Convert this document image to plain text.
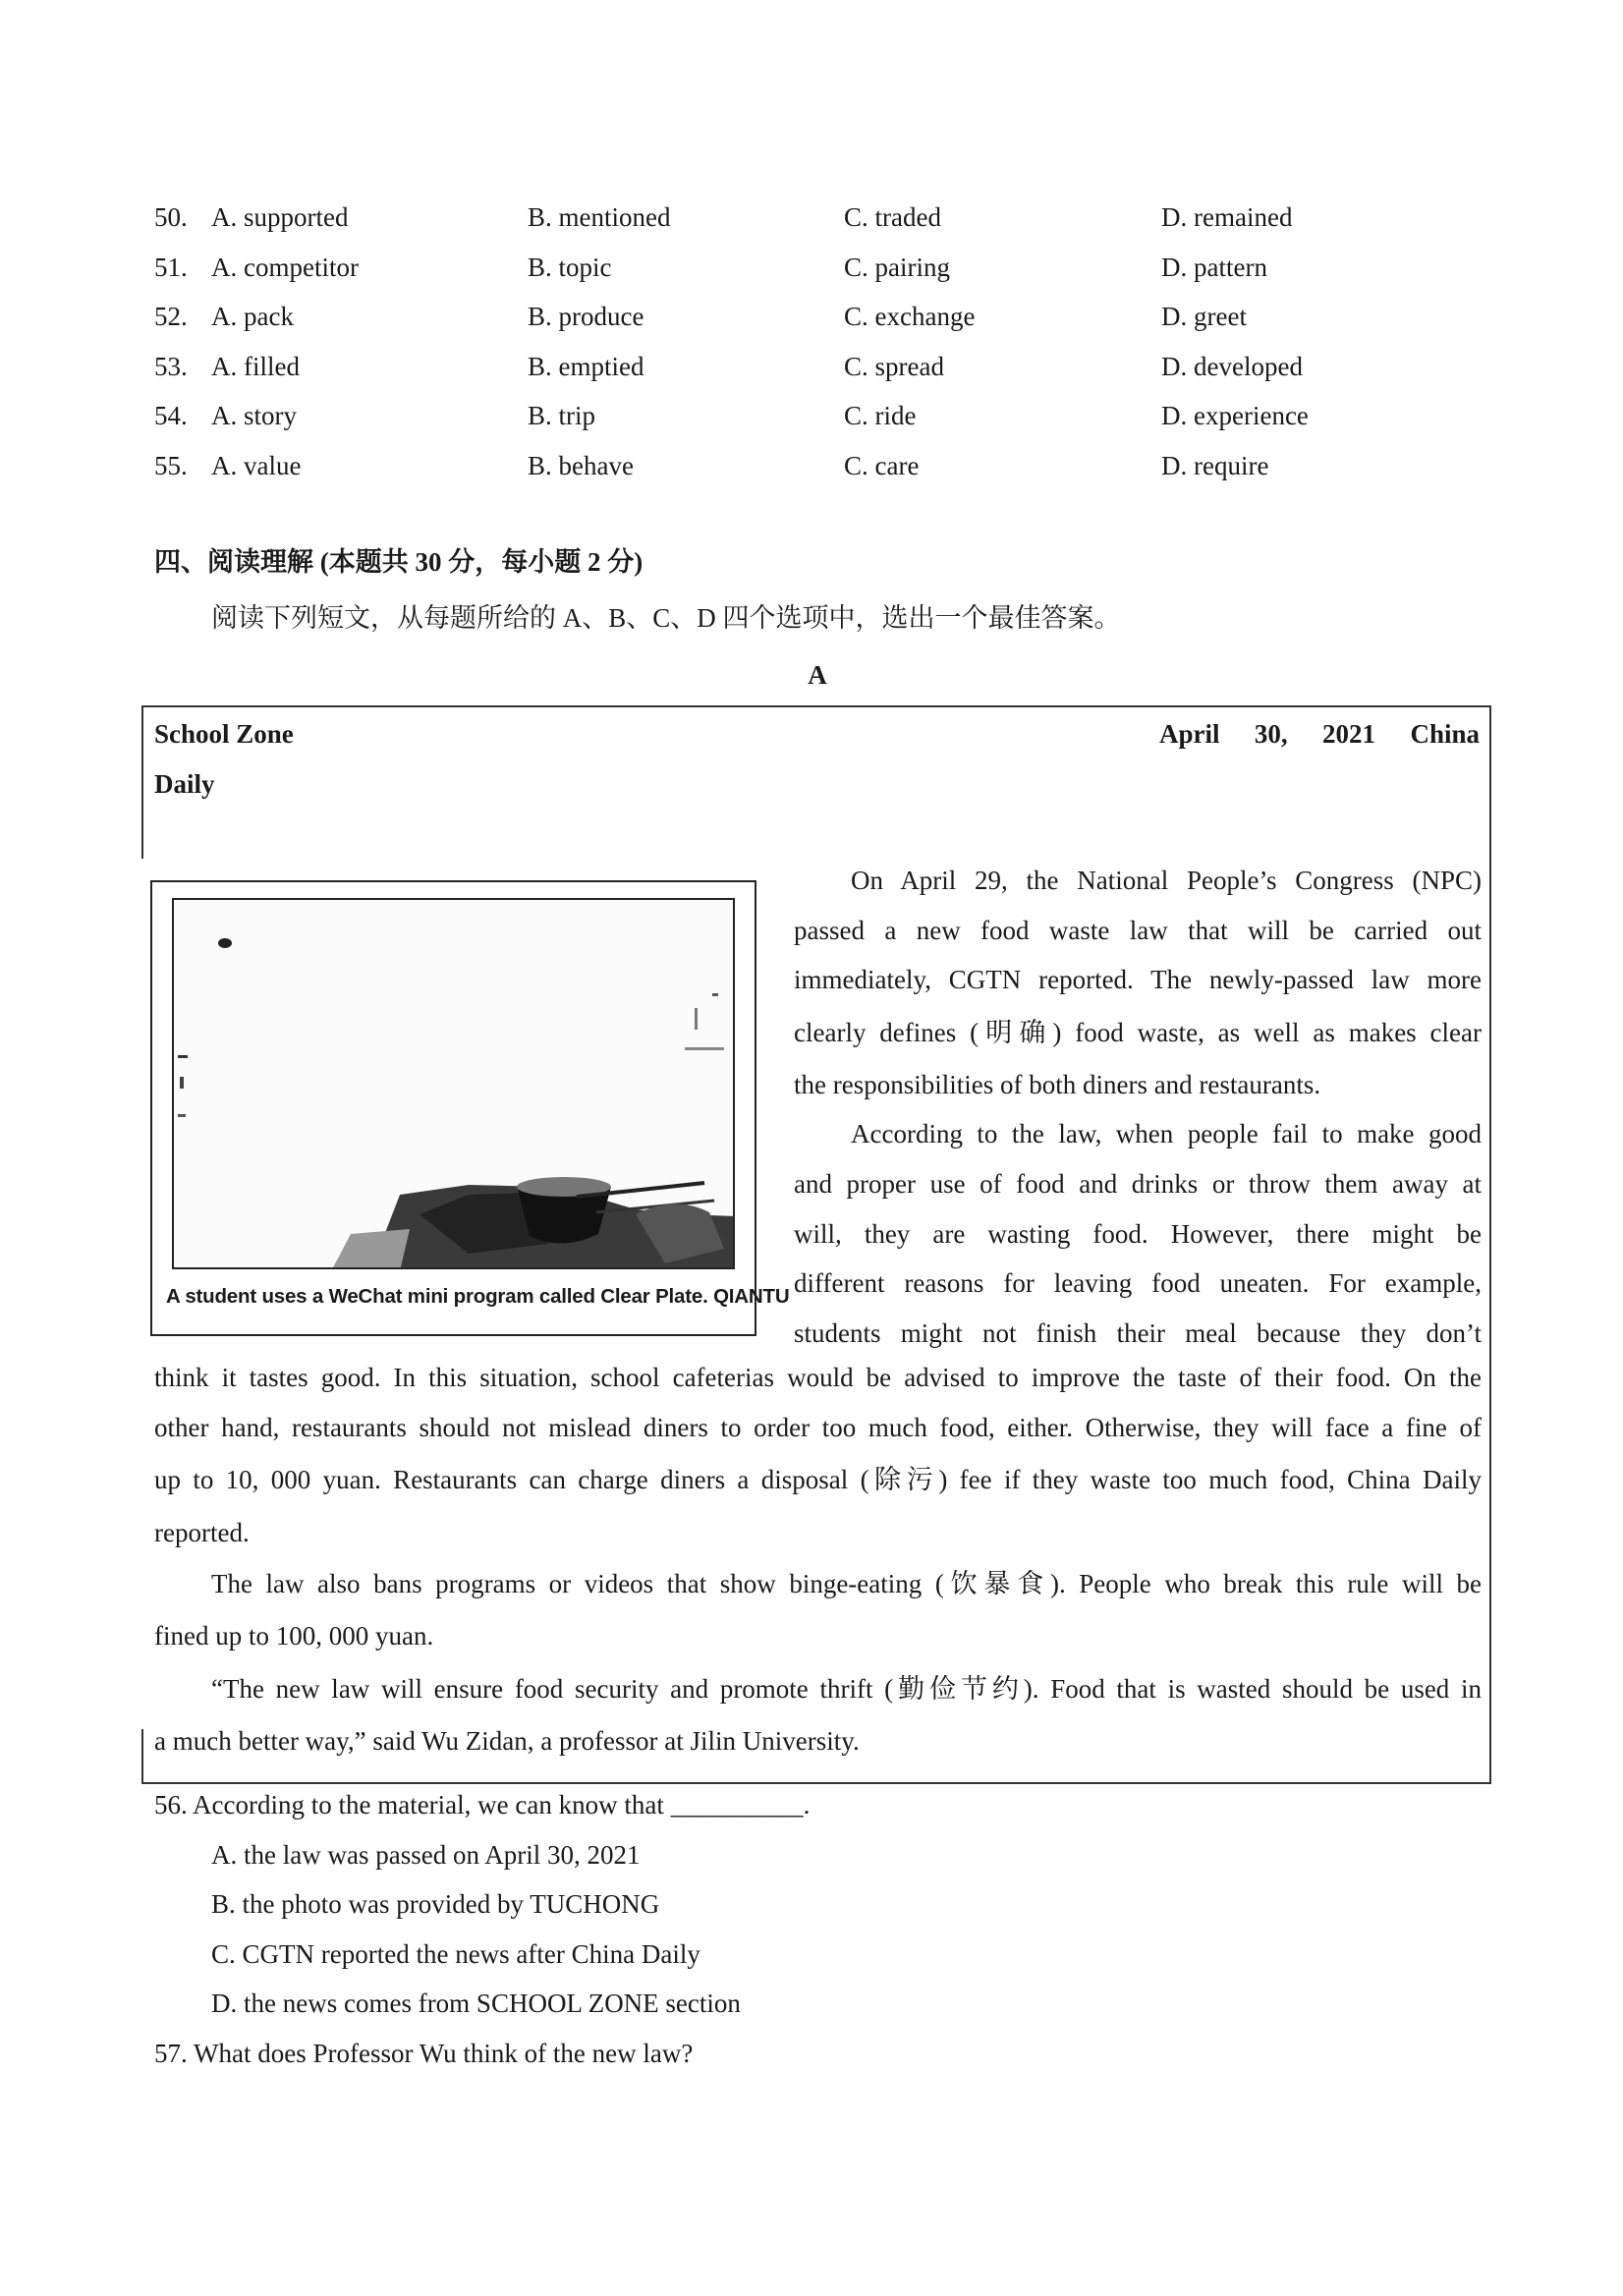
50. A. supported	B. mentioned	C. traded	D. remained
51. A. competitor	B. topic	C. pairing	D. pattern
52. A. pack	B. produce	C. exchange	D. greet
53. A. filled	B. emptied	C. spread	D. developed
54. A. story	B. trip	C. ride	D. experience
55. A. value	B. behave	C. care	D. require
四、阅读理解 (本题共 30 分，每小题 2 分)
阅读下列短文，从每题所给的 A、B、C、D 四个选项中，选出一个最佳答案。
A
School Zone
Daily
April 30, 2021 China
A student uses a WeChat mini program called Clear Plate. QIANTU
On April 29, the National People’s Congress (NPC)
passed a new food waste law that will be carried out
immediately, CGTN reported. The newly-passed law more
clearly defines (明确) food waste, as well as makes clear
the responsibilities of both diners and restaurants.
According to the law, when people fail to make good
and proper use of food and drinks or throw them away at
will, they are wasting food. However, there might be
different reasons for leaving food uneaten. For example,
students might not finish their meal because they don’t
think it tastes good. In this situation, school cafeterias would be advised to improve the taste of their food. On the
other hand, restaurants should not mislead diners to order too much food, either. Otherwise, they will face a fine of
up to 10, 000 yuan. Restaurants can charge diners a disposal (除污) fee if they waste too much food, China Daily
reported.
The law also bans programs or videos that show binge-eating (饮暴食). People who break this rule will be
fined up to 100, 000 yuan.
“The new law will ensure food security and promote thrift (勤俭节约). Food that is wasted should be used in
a much better way,” said Wu Zidan, a professor at Jilin University.
56. According to the material, we can know that __________.
A. the law was passed on April 30, 2021
B. the photo was provided by TUCHONG
C. CGTN reported the news after China Daily
D. the news comes from SCHOOL ZONE section
57. What does Professor Wu think of the new law?
